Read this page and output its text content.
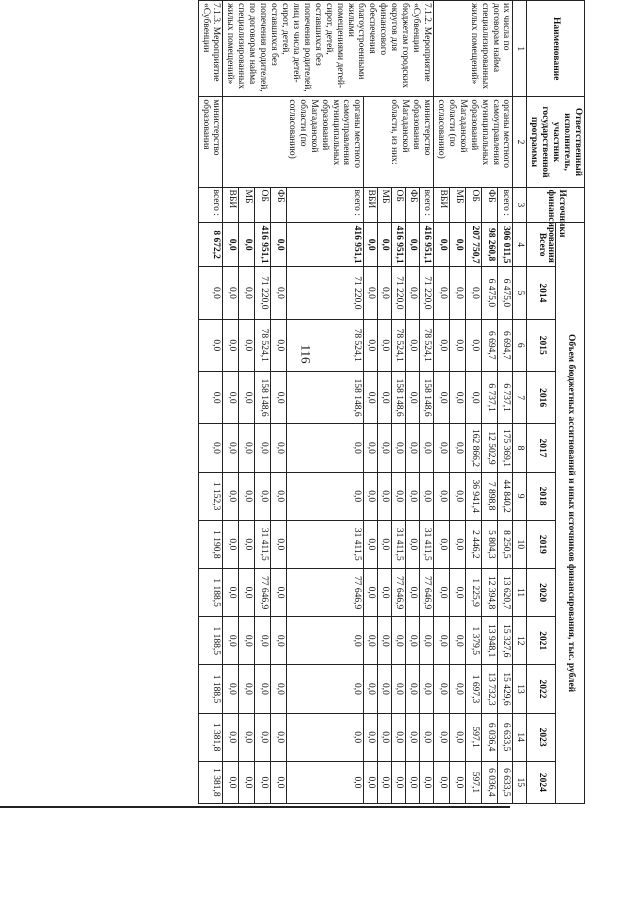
116
Наименование	Ответственный исполнитель, участник государственной программы	Источники финансирования	Объем бюджетных ассигнований и иных источников финансирования, тыс. рублей											
			Всего	2014	2015	2016	2017	2018	2019	2020	2021	2022	2023	2024
1	2	3	4	5	6	7	8	9	10	11	12	13	14	15
их числа по договорам найма специализированных жилых помещений»	органы местного самоуправления муниципальных образований Магаданской области (по согласованию)	всего :	306 011,5	6 475,0	6 694,7	6 737,1	175 369,1	44 840,2	8 250,5	13 620,7	15 327,6	15 429,6	6 633,5	6 633,5
		ФБ	98 260,8	6 475,0	6 694,7	6 737,1	12 502,9	7 898,8	5 804,3	12 394,8	13 948,1	13 732,3	6 036,4	6 036,4
		ОБ	207 750,7	0,0	0,0	0,0	162 866,2	36 941,4	2 446,2	1 225,9	1 379,5	1 697,3	597,1	597,1
		МБ	0,0	0,0	0,0	0,0	0,0	0,0	0,0	0,0	0,0	0,0	0,0	0,0
		ВБИ	0,0	0,0	0,0	0,0	0,0	0,0	0,0	0,0	0,0	0,0	0,0	0,0
7.1.2. Мероприятие «Субвенции бюджетам городских округов для финансового обеспечения благоустроенными жилыми помещениями детей-сирот, детей, оставшихся без попечения родителей, лиц из числа детей-сирот, детей, оставшихся без попечения родителей, по договорам найма специализированных жилых помещений»	министерство образования Магаданской области, из них:	всего :	416 951,1	71 220,0	78 524,1	158 148,6	0,0	0,0	31 411,5	77 646,9	0,0	0,0	0,0	0,0
		ФБ	0,0	0,0	0,0	0,0	0,0	0,0	0,0	0,0	0,0	0,0	0,0	0,0
		ОБ	416 951,1	71 220,0	78 524,1	158 148,6	0,0	0,0	31 411,5	77 646,9	0,0	0,0	0,0	0,0
		МБ	0,0	0,0	0,0	0,0	0,0	0,0	0,0	0,0	0,0	0,0	0,0	0,0
		ВБИ	0,0	0,0	0,0	0,0	0,0	0,0	0,0	0,0	0,0	0,0	0,0	0,0
	органы местного самоуправления муниципальных образований Магаданской области (по согласованию)	всего :	416 951,1	71 220,0	78 524,1	158 148,6	0,0	0,0	31 411,5	77 646,9	0,0	0,0	0,0	0,0
		ФБ	0,0	0,0	0,0	0,0	0,0	0,0	0,0	0,0	0,0	0,0	0,0	0,0
		ОБ	416 951,1	71 220,0	78 524,1	158 148,6	0,0	0,0	31 411,5	77 646,9	0,0	0,0	0,0	0,0
		МБ	0,0	0,0	0,0	0,0	0,0	0,0	0,0	0,0	0,0	0,0	0,0	0,0
		ВБИ	0,0	0,0	0,0	0,0	0,0	0,0	0,0	0,0	0,0	0,0	0,0	0,0
7.1.3. Мероприятие «Субвенции	министерство образования	всего :	8 672,2	0,0	0,0	0,0	0,0	1 152,3	1 190,8	1 188,5	1 188,5	1 188,5	1 381,8	1 381,8
